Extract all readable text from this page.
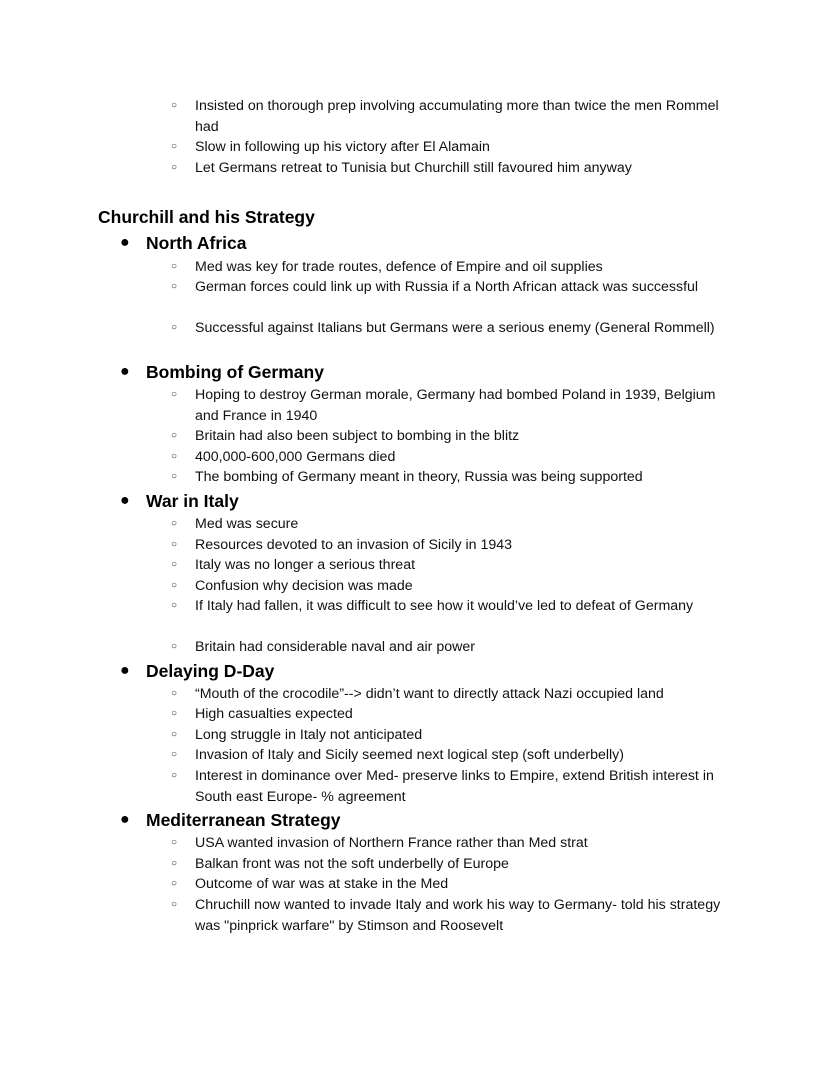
○ Insisted on thorough prep involving accumulating more than twice the men Rommel had
○ Slow in following up his victory after El Alamain
○ Let Germans retreat to Tunisia but Churchill still favoured him anyway
Churchill and his Strategy
● North Africa
○ Med was key for trade routes, defence of Empire and oil supplies
○ German forces could link up with Russia if a North African attack was successful
○ Successful against Italians but Germans were a serious enemy (General Rommell)
● Bombing of Germany
○ Hoping to destroy German morale, Germany had bombed Poland in 1939, Belgium and France in 1940
○ Britain had also been subject to bombing in the blitz
○ 400,000-600,000 Germans died
○ The bombing of Germany meant in theory, Russia was being supported
● War in Italy
○ Med was secure
○ Resources devoted to an invasion of Sicily in 1943
○ Italy was no longer a serious threat
○ Confusion why decision was made
○ If Italy had fallen, it was difficult to see how it would’ve led to defeat of Germany
○ Britain had considerable naval and air power
● Delaying D-Day
○ “Mouth of the crocodile”--> didn’t want to directly attack Nazi occupied land
○ High casualties expected
○ Long struggle in Italy not anticipated
○ Invasion of Italy and Sicily seemed next logical step (soft underbelly)
○ Interest in dominance over Med- preserve links to Empire, extend British interest in South east Europe- % agreement
● Mediterranean Strategy
○ USA wanted invasion of Northern France rather than Med strat
○ Balkan front was not the soft underbelly of Europe
○ Outcome of war was at stake in the Med
○ Chruchill now wanted to invade Italy and work his way to Germany- told his strategy was "pinprick warfare" by Stimson and Roosevelt
